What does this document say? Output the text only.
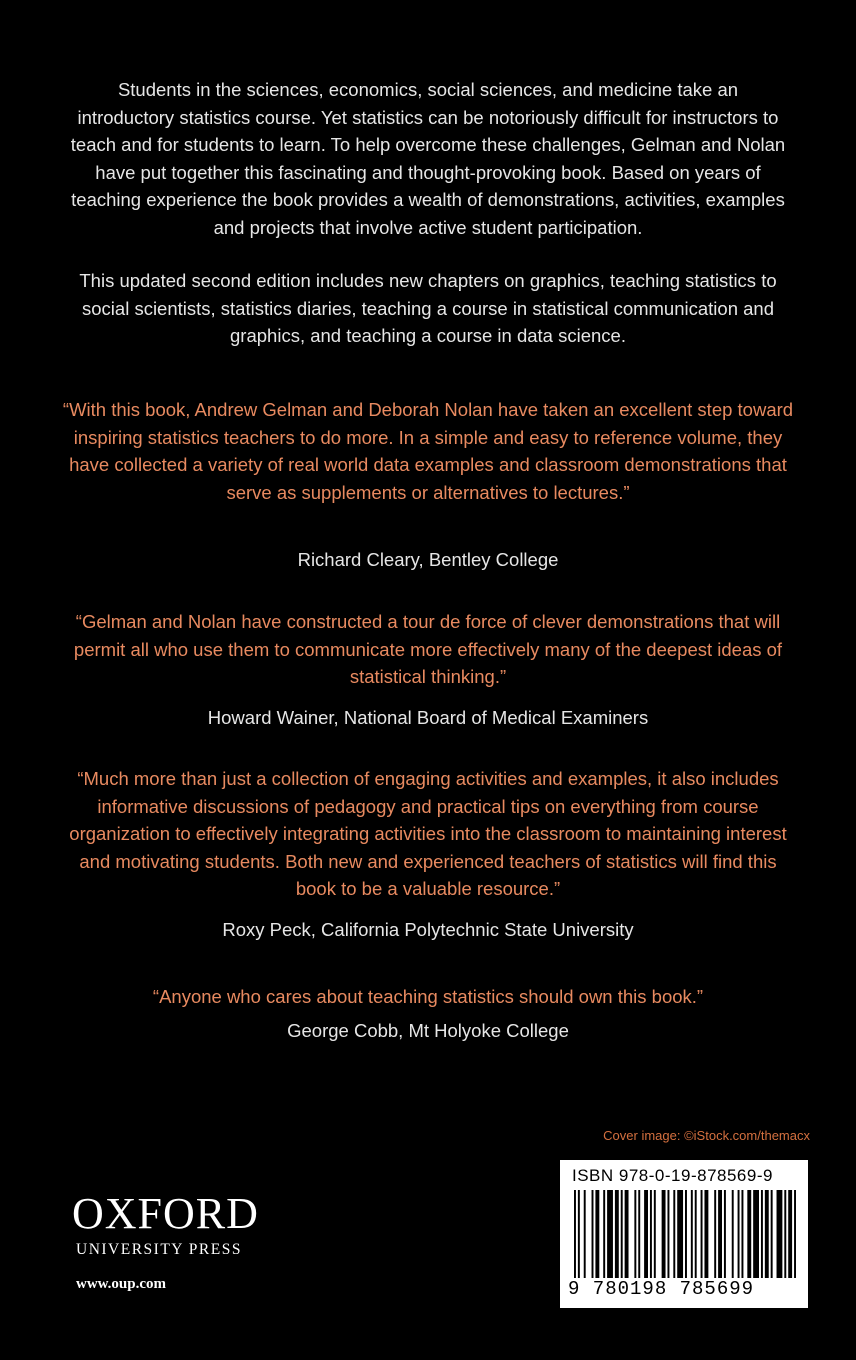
Students in the sciences, economics, social sciences, and medicine take an introductory statistics course. Yet statistics can be notoriously difficult for instructors to teach and for students to learn. To help overcome these challenges, Gelman and Nolan have put together this fascinating and thought-provoking book. Based on years of teaching experience the book provides a wealth of demonstrations, activities, examples and projects that involve active student participation.

This updated second edition includes new chapters on graphics, teaching statistics to social scientists, statistics diaries, teaching a course in statistical communication and graphics, and teaching a course in data science.

“With this book, Andrew Gelman and Deborah Nolan have taken an excellent step toward inspiring statistics teachers to do more. In a simple and easy to reference volume, they have collected a variety of real world data examples and classroom demonstrations that serve as supplements or alternatives to lectures.”

Richard Cleary, Bentley College

“Gelman and Nolan have constructed a tour de force of clever demonstrations that will permit all who use them to communicate more effectively many of the deepest ideas of statistical thinking.”

Howard Wainer, National Board of Medical Examiners

“Much more than just a collection of engaging activities and examples, it also includes informative discussions of pedagogy and practical tips on everything from course organization to effectively integrating activities into the classroom to maintaining interest and motivating students. Both new and experienced teachers of statistics will find this book to be a valuable resource.”

Roxy Peck, California Polytechnic State University

“Anyone who cares about teaching statistics should own this book.”

George Cobb, Mt Holyoke College

Cover image: ©iStock.com/themacx
ISBN 978-0-19-878569-9
9 780198 785699
OXFORD
UNIVERSITY PRESS
www.oup.com
